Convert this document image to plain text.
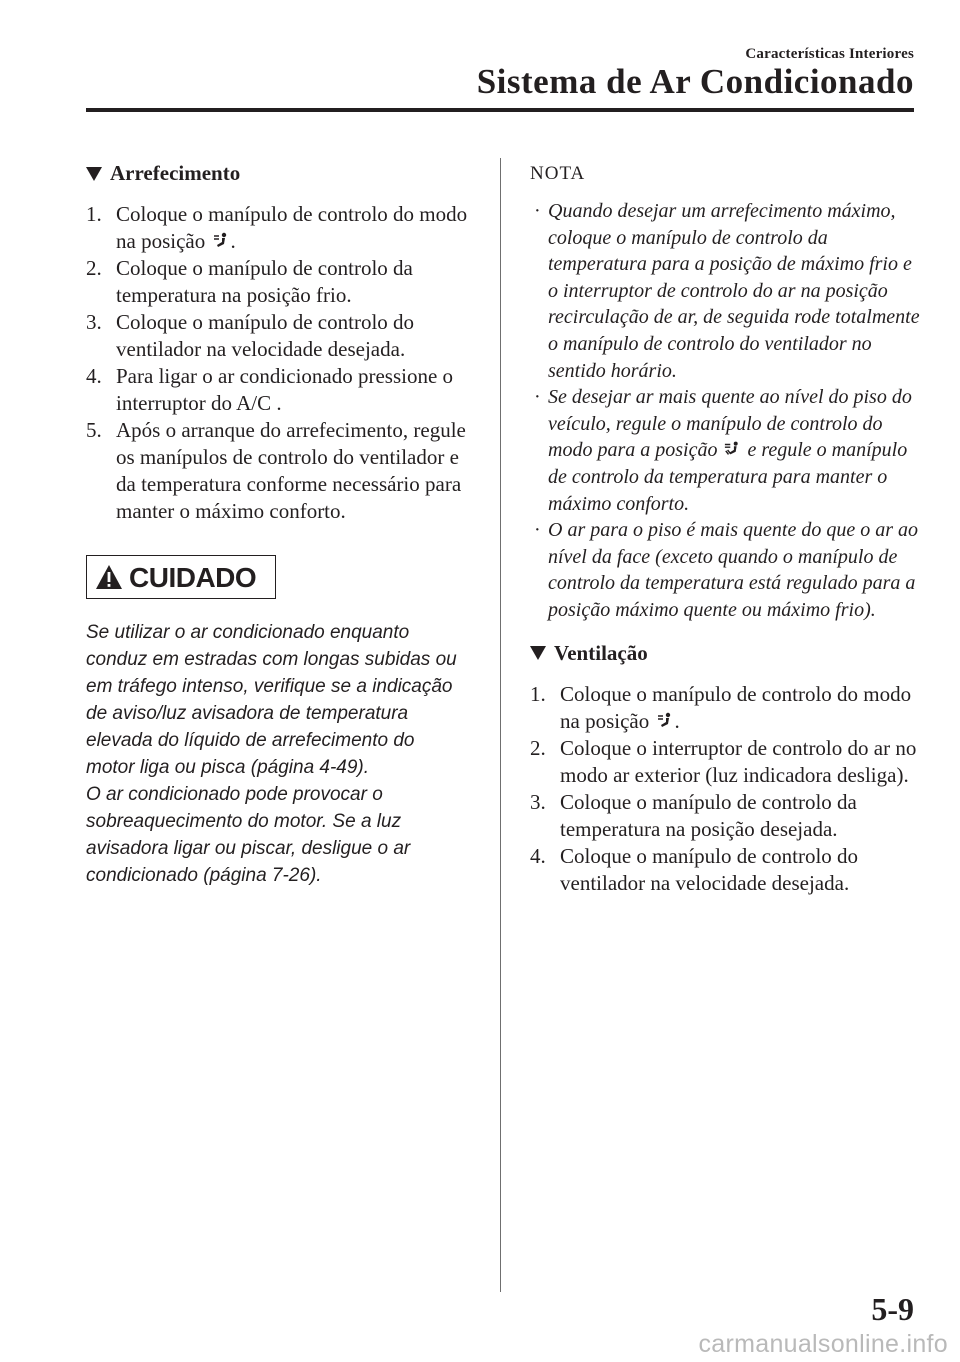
Características Interiores
Sistema de Ar Condicionado
Arrefecimento
1. Coloque o manípulo de controlo do modo na posição .
2. Coloque o manípulo de controlo da temperatura na posição frio.
3. Coloque o manípulo de controlo do ventilador na velocidade desejada.
4. Para ligar o ar condicionado pressione o interruptor do A/C .
5. Após o arranque do arrefecimento, regule os manípulos de controlo do ventilador e da temperatura conforme necessário para manter o máximo conforto.
CUIDADO

Se utilizar o ar condicionado enquanto conduz em estradas com longas subidas ou em tráfego intenso, verifique se a indicação de aviso/luz avisadora de temperatura elevada do líquido de arrefecimento do motor liga ou pisca (página 4-49).

O ar condicionado pode provocar o sobreaquecimento do motor. Se a luz avisadora ligar ou piscar, desligue o ar condicionado (página 7-26).

NOTA
· Quando desejar um arrefecimento máximo, coloque o manípulo de controlo da temperatura para a posição de máximo frio e o interruptor de controlo do ar na posição recirculação de ar, de seguida rode totalmente o manípulo de controlo do ventilador no sentido horário.
· Se desejar ar mais quente ao nível do piso do veículo, regule o manípulo de controlo do modo para a posição e regule o manípulo de controlo da temperatura para manter o máximo conforto.
· O ar para o piso é mais quente do que o ar ao nível da face (exceto quando o manípulo de controlo da temperatura está regulado para a posição máximo quente ou máximo frio).
Ventilação
1. Coloque o manípulo de controlo do modo na posição .
2. Coloque o interruptor de controlo do ar no modo ar exterior (luz indicadora desliga).
3. Coloque o manípulo de controlo da temperatura na posição desejada.
4. Coloque o manípulo de controlo do ventilador na velocidade desejada.
5-9
carmanualsonline.info
